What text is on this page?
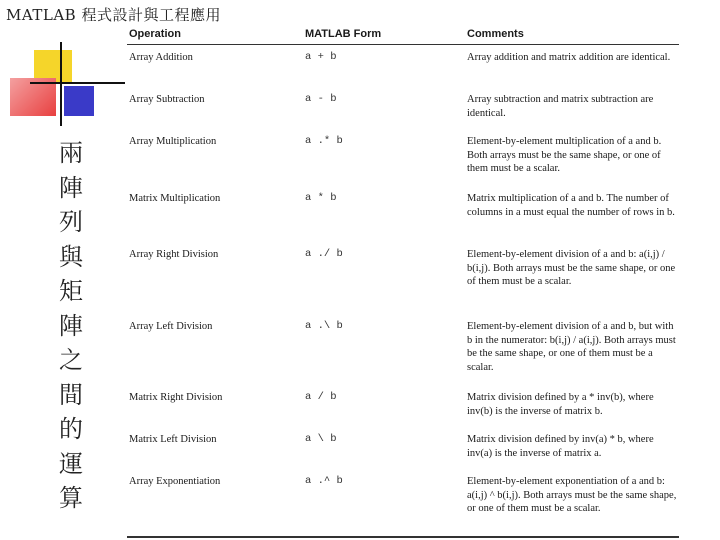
MATLAB 程式設計與工程應用
兩
陣
列
與
矩
陣
之
間
的
運
算
Operation	MATLAB Form	Comments
Array Addition	a + b	Array addition and matrix addition are identical.
Array Subtraction	a - b	Array subtraction and matrix subtraction are identical.
Array Multiplication	a .* b	Element-by-element multiplication of a and b. Both arrays must be the same shape, or one of them must be a scalar.
Matrix Multiplication	a * b	Matrix multiplication of a and b. The number of columns in a must equal the number of rows in b.
Array Right Division	a ./ b	Element-by-element division of a and b: a(i,j) / b(i,j). Both arrays must be the same shape, or one of them must be a scalar.
Array Left Division	a .\ b	Element-by-element division of a and b, but with b in the numerator: b(i,j) / a(i,j). Both arrays must be the same shape, or one of them must be a scalar.
Matrix Right Division	a / b	Matrix division defined by a * inv(b), where inv(b) is the inverse of matrix b.
Matrix Left Division	a \ b	Matrix division defined by inv(a) * b, where inv(a) is the inverse of matrix a.
Array Exponentiation	a .^ b	Element-by-element exponentiation of a and b: a(i,j) ^ b(i,j). Both arrays must be the same shape, or one of them must be a scalar.
